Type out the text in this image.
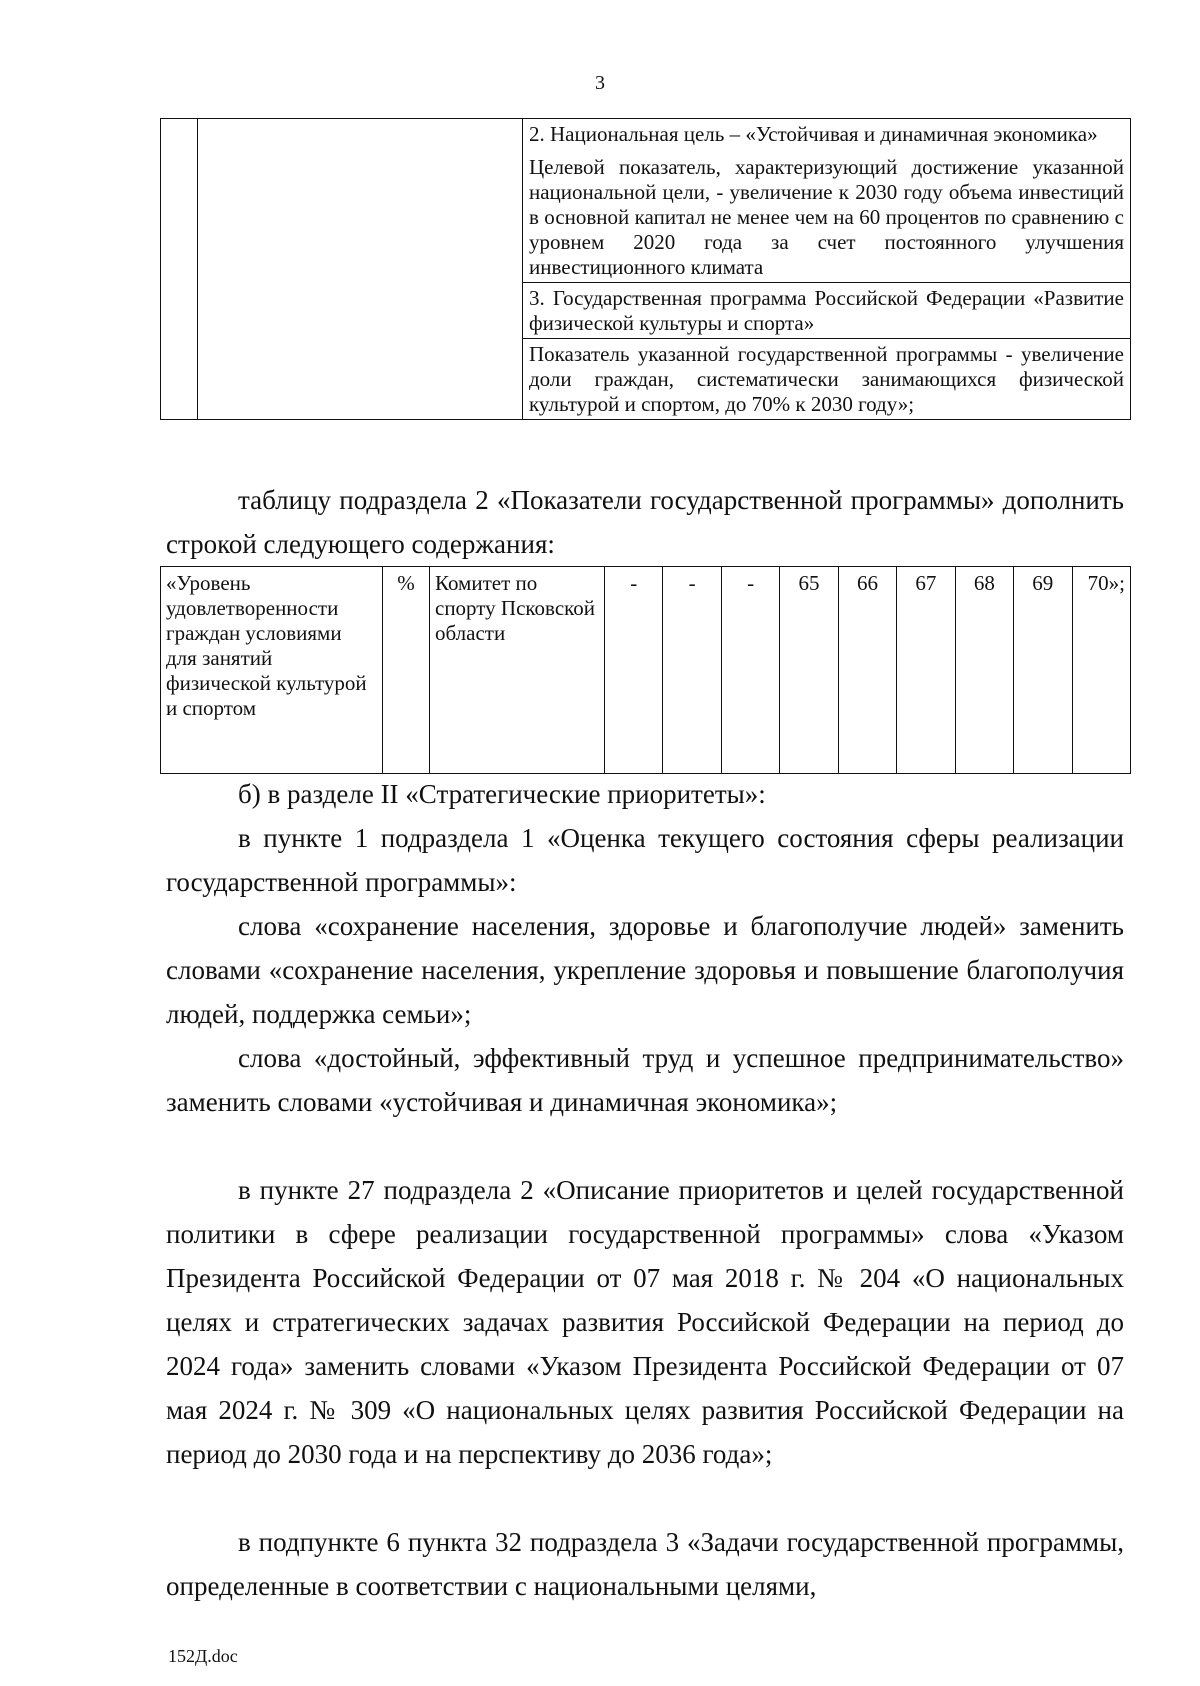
3

2. Национальная цель – «Устойчивая и динамичная экономика»

Целевой показатель, характеризующий достижение указанной национальной цели, - увеличение к 2030 году объема инвестиций в основной капитал не менее чем на 60 процентов по сравнению с уровнем 2020 года за счет постоянного улучшения инвестиционного климата

3. Государственная программа Российской Федерации «Развитие физической культуры и спорта»

Показатель указанной государственной программы - увеличение доли граждан, систематически занимающихся физической культурой и спортом, до 70% к 2030 году»;

таблицу подраздела 2 «Показатели государственной программы» дополнить строкой следующего содержания:

«Уровень удовлетворенности граждан условиями для занятий физической культурой и спортом	%	Комитет по спорту Псковской области	-	-	-	65	66	67	68	69	70»;

б) в разделе II «Стратегические приоритеты»:

в пункте 1 подраздела 1 «Оценка текущего состояния сферы реализации государственной программы»:

слова «сохранение населения, здоровье и благополучие людей» заменить словами «сохранение населения, укрепление здоровья и повышение благополучия людей, поддержка семьи»;

слова «достойный, эффективный труд и успешное предпринимательство» заменить словами «устойчивая и динамичная экономика»;

в пункте 27 подраздела 2 «Описание приоритетов и целей государственной политики в сфере реализации государственной программы» слова «Указом Президента Российской Федерации от 07 мая 2018 г. № 204 «О национальных целях и стратегических задачах развития Российской Федерации на период до 2024 года» заменить словами «Указом Президента Российской Федерации от 07 мая 2024 г. № 309 «О национальных целях развития Российской Федерации на период до 2030 года и на перспективу до 2036 года»;

в подпункте 6 пункта 32 подраздела 3 «Задачи государственной программы, определенные в соответствии с национальными целями,

152Д.doc
